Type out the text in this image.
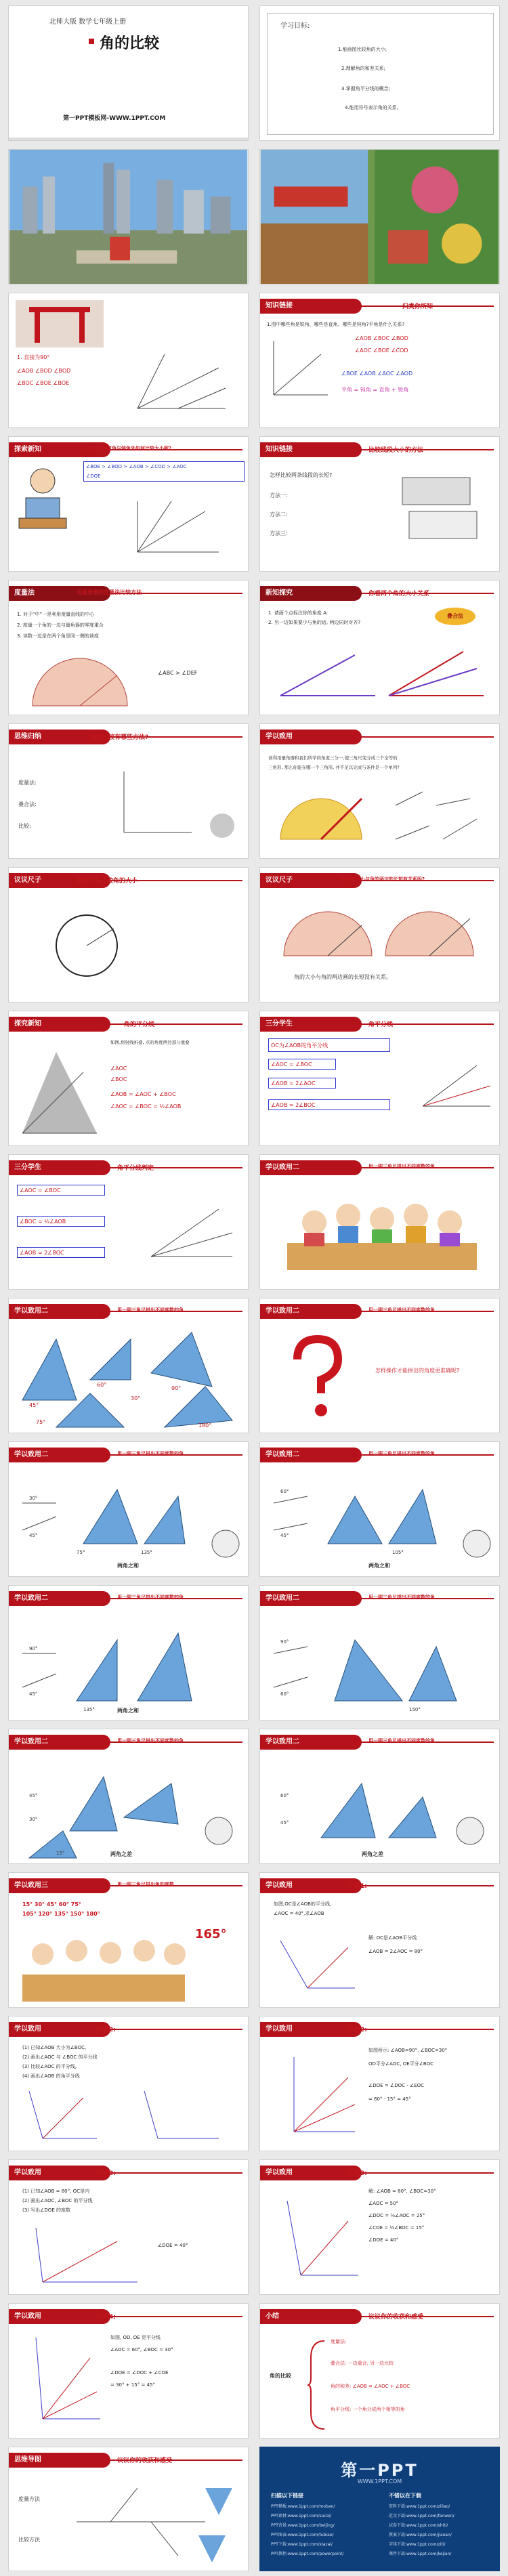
北师大版 数学七年级上册
角的比较
第一PPT模板网-WWW.1PPT.COM
学习目标:
1.能画图比较角的大小;
2.理解角的和差关系;
3.掌握角平分线的概念;
4.能用符号表示角的关系。
1. 直接为90°
∠AOB ∠BOD ∠BOD
∠BOC ∠BOE ∠BOE
知识链接	归类你所知
1.图中哪些角是锐角、哪些是直角、哪些是钝角?平角是什么关系?
∠AOB ∠BOC ∠BOD
∠AOC ∠BOE ∠COD
∠BOE ∠AOB ∠AOC ∠AOD
平角 = 钝角 = 直角 + 锐角
探索新知	角度比较除过角与钝角外如何比较大小呢?
∠BOE > ∠BOD > ∠AOB > ∠COD > ∠AOC
∠DOE
知识链接	比较线段大小的方法
怎样比较两条线段的长短?
方法一:
方法二:
方法三:
度量法	用量角器的度量法比较方法
1. 对于“中”一是利用度量直线的中心
2. 度量一个角的一边与量角器的零度重合
3. 读数一边是在两个角是同一侧的读度
∠ABC > ∠DEF
新知探究	你看两个角的大小关系
1. 请画个点标注你的角度 A:
2. 另一边如果要少与角的话, 两边同时对齐?
叠合法
思维归纳	角的比较有哪些方法?
度量法:
叠合法:
比较:
学以致用
请利用量角器和我们所学的角度三分一,使三角尺变分成三个全等的
三角形, 那么你能在哪一个三角形, 并不足以完成与条件是一个单列?
议议尺子	用叠合法比较角的大小	议议尺子	用角的大小与角的两边的长短有关系吗?
角的大小与角的两边画的长短没有关系。
探究新知	角的平分线
如图,将射线折叠, 点的角度两边部分重叠
∠AOC
∠BOC
∠AOB = ∠AOC + ∠BOC
∠AOC = ∠BOC = ½∠AOB
三分学生	角平分线
OC为∠AOB的角平分线
∠AOC = ∠BOC
∠AOB = 2∠AOC
∠AOB = 2∠BOC
三分学生	角平分线判定
∠AOC = ∠BOC
∠BOC = ½∠AOB
∠AOB = 2∠BOC
学以致用二	用一副三角尺拼出不同度数的角
学以致用二	用一副三角尺拼出不同度数的角
45°
60°
90°
75°
30°
180°
学以致用二	用一副三角尺拼出不同度数的角
怎样操作才能拼出的角度更准确呢?
学以致用二	用一副三角尺拼出不同度数的角
30°
45°
75°	135°
两角之和
学以致用二	用一副三角尺拼出不同度数的角
60°
45°
105°
两角之和
学以致用二	用一副三角尺拼出不同度数的角
90°
45°
135°	两角之和
学以致用二	用一副三角尺拼出不同度数的角
90°
60°
150°
学以致用二	用一副三角尺拼出不同度数的角
45°
30°
15°	两角之差
学以致用二	用一副三角尺拼出不同度数的角
60°
45°
两角之差
学以致用三	用一副三角尺拼出角的度数
15° 30° 45° 60° 75°
105° 120° 135° 150° 180°
165°
学以致用	问题1:
如图,OC是∠AOB的平分线,
∠AOC = 40°,求∠AOB
解: OC是∠AOB平分线
∠AOB = 2∠AOC = 80°
学以致用	问题2:
(1) 已知∠AOB 大小为∠BOC,
(2) 画出∠AOC 与 ∠BOC 的平分线
(3) 比较∠AOC 的平分线,
(4) 画出∠AOB 的角平分线
学以致用	问题2:
如图所示: ∠AOB=90°, ∠BOC=30°
OD平分∠AOC, OE平分∠BOC
∠DOE = ∠DOC - ∠EOC
= 60° - 15° = 45°
学以致用	问题3:
(1) 已知∠AOB = 80°, OC是内
(2) 画出∠AOC, ∠BOC 的平分线
(3) 写出∠DOE 的度数
∠DOE = 40°
学以致用	问题3:
解: ∠AOB = 80°, ∠BOC=30°
∠AOC = 50°
∠DOC = ½∠AOC = 25°
∠COE = ½∠BOC = 15°
∠DOE = 40°
学以致用	问题4:
如图, OD, OE 是平分线
∠AOC = 60°, ∠BOC = 30°
∠DOE = ∠DOC + ∠COE
= 30° + 15° = 45°
小结	议议你的收获和感受
角的比较
度量法:
叠合法: 一边重合, 另一边比较
角的和差: ∠AOB = ∠AOC + ∠BOC
角平分线: 一个角分成两个相等的角
思维导图	议议你的收获和感受
度量方法
比较方法
第一PPT
WWW.1PPT.COM
扫描以下链接	不错以在下载
PPT模板:www.1ppt.com/moban/
PPT素材:www.1ppt.com/sucai/
PPT背景:www.1ppt.com/beijing/
PPT图表:www.1ppt.com/tubiao/
PPT下载:www.1ppt.com/xiazai/
PPT教程:www.1ppt.com/powerpoint/
资料下载:www.1ppt.com/ziliao/
范文下载:www.1ppt.com/fanwen/
试卷下载:www.1ppt.com/shiti/
教案下载:www.1ppt.com/jiaoan/
字体下载:www.1ppt.com/ziti/
课件下载:www.1ppt.com/kejian/
